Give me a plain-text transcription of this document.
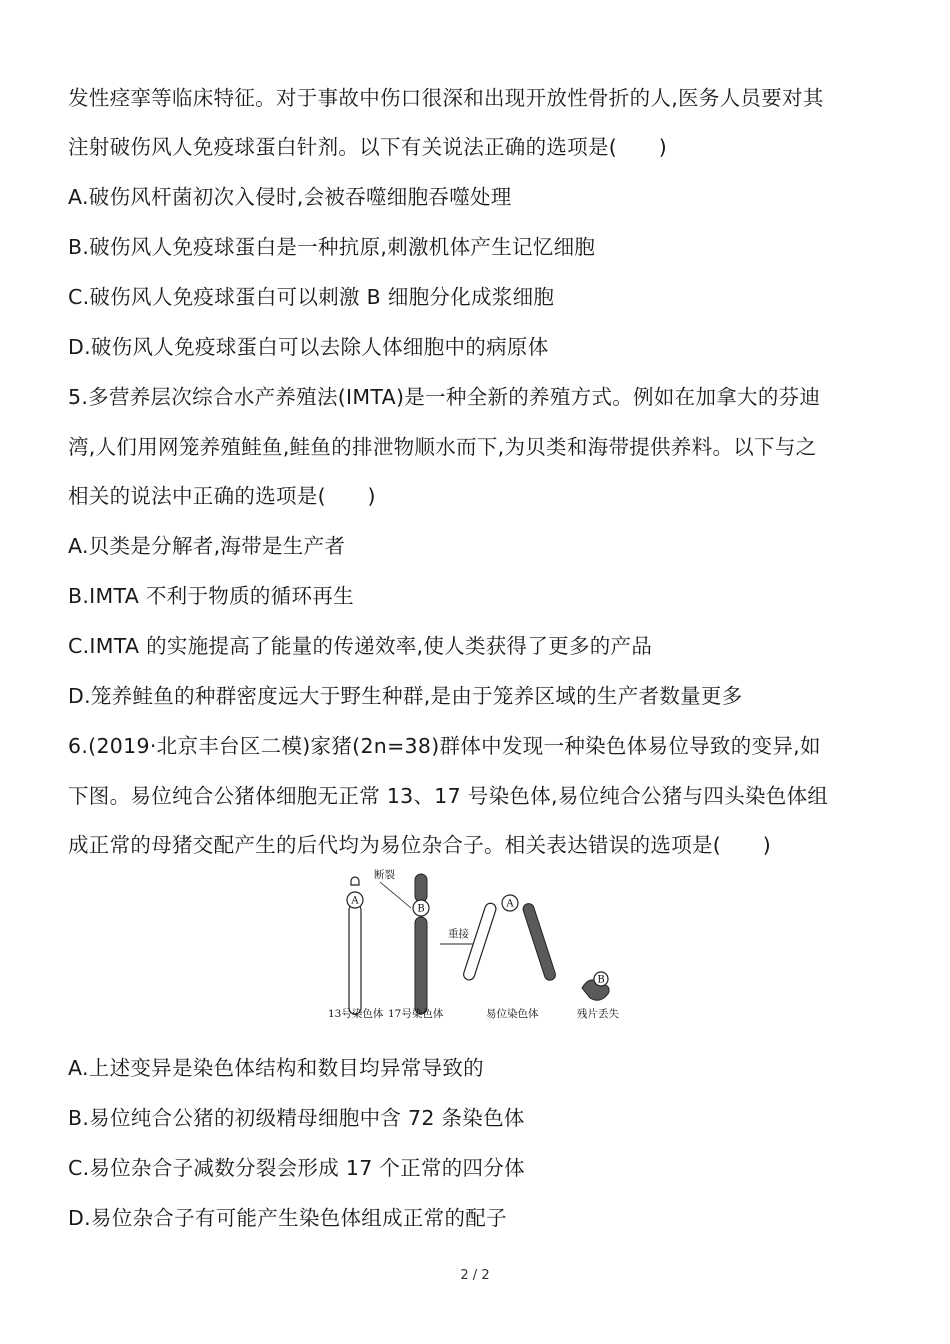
发性痉挛等临床特征。对于事故中伤口很深和出现开放性骨折的人,医务人员要对其
注射破伤风人免疫球蛋白针剂。以下有关说法正确的选项是(　　)
A.破伤风杆菌初次入侵时,会被吞噬细胞吞噬处理
B.破伤风人免疫球蛋白是一种抗原,刺激机体产生记忆细胞
C.破伤风人免疫球蛋白可以刺激 B 细胞分化成浆细胞
D.破伤风人免疫球蛋白可以去除人体细胞中的病原体
5.多营养层次综合水产养殖法(IMTA)是一种全新的养殖方式。例如在加拿大的芬迪
湾,人们用网笼养殖鲑鱼,鲑鱼的排泄物顺水而下,为贝类和海带提供养料。以下与之
相关的说法中正确的选项是(　　)
A.贝类是分解者,海带是生产者
B.IMTA 不利于物质的循环再生
C.IMTA 的实施提高了能量的传递效率,使人类获得了更多的产品
D.笼养鲑鱼的种群密度远大于野生种群,是由于笼养区域的生产者数量更多
6.(2019·北京丰台区二模)家猪(2n=38)群体中发现一种染色体易位导致的变异,如
下图。易位纯合公猪体细胞无正常 13、17 号染色体,易位纯合公猪与四头染色体组
成正常的母猪交配产生的后代均为易位杂合子。相关表达错误的选项是(　　)
A
断裂
B
重接
A
B
13号染色体 17号染色体	易位染色体	残片丢失
A.上述变异是染色体结构和数目均异常导致的
B.易位纯合公猪的初级精母细胞中含 72 条染色体
C.易位杂合子减数分裂会形成 17 个正常的四分体
D.易位杂合子有可能产生染色体组成正常的配子
2 / 2
